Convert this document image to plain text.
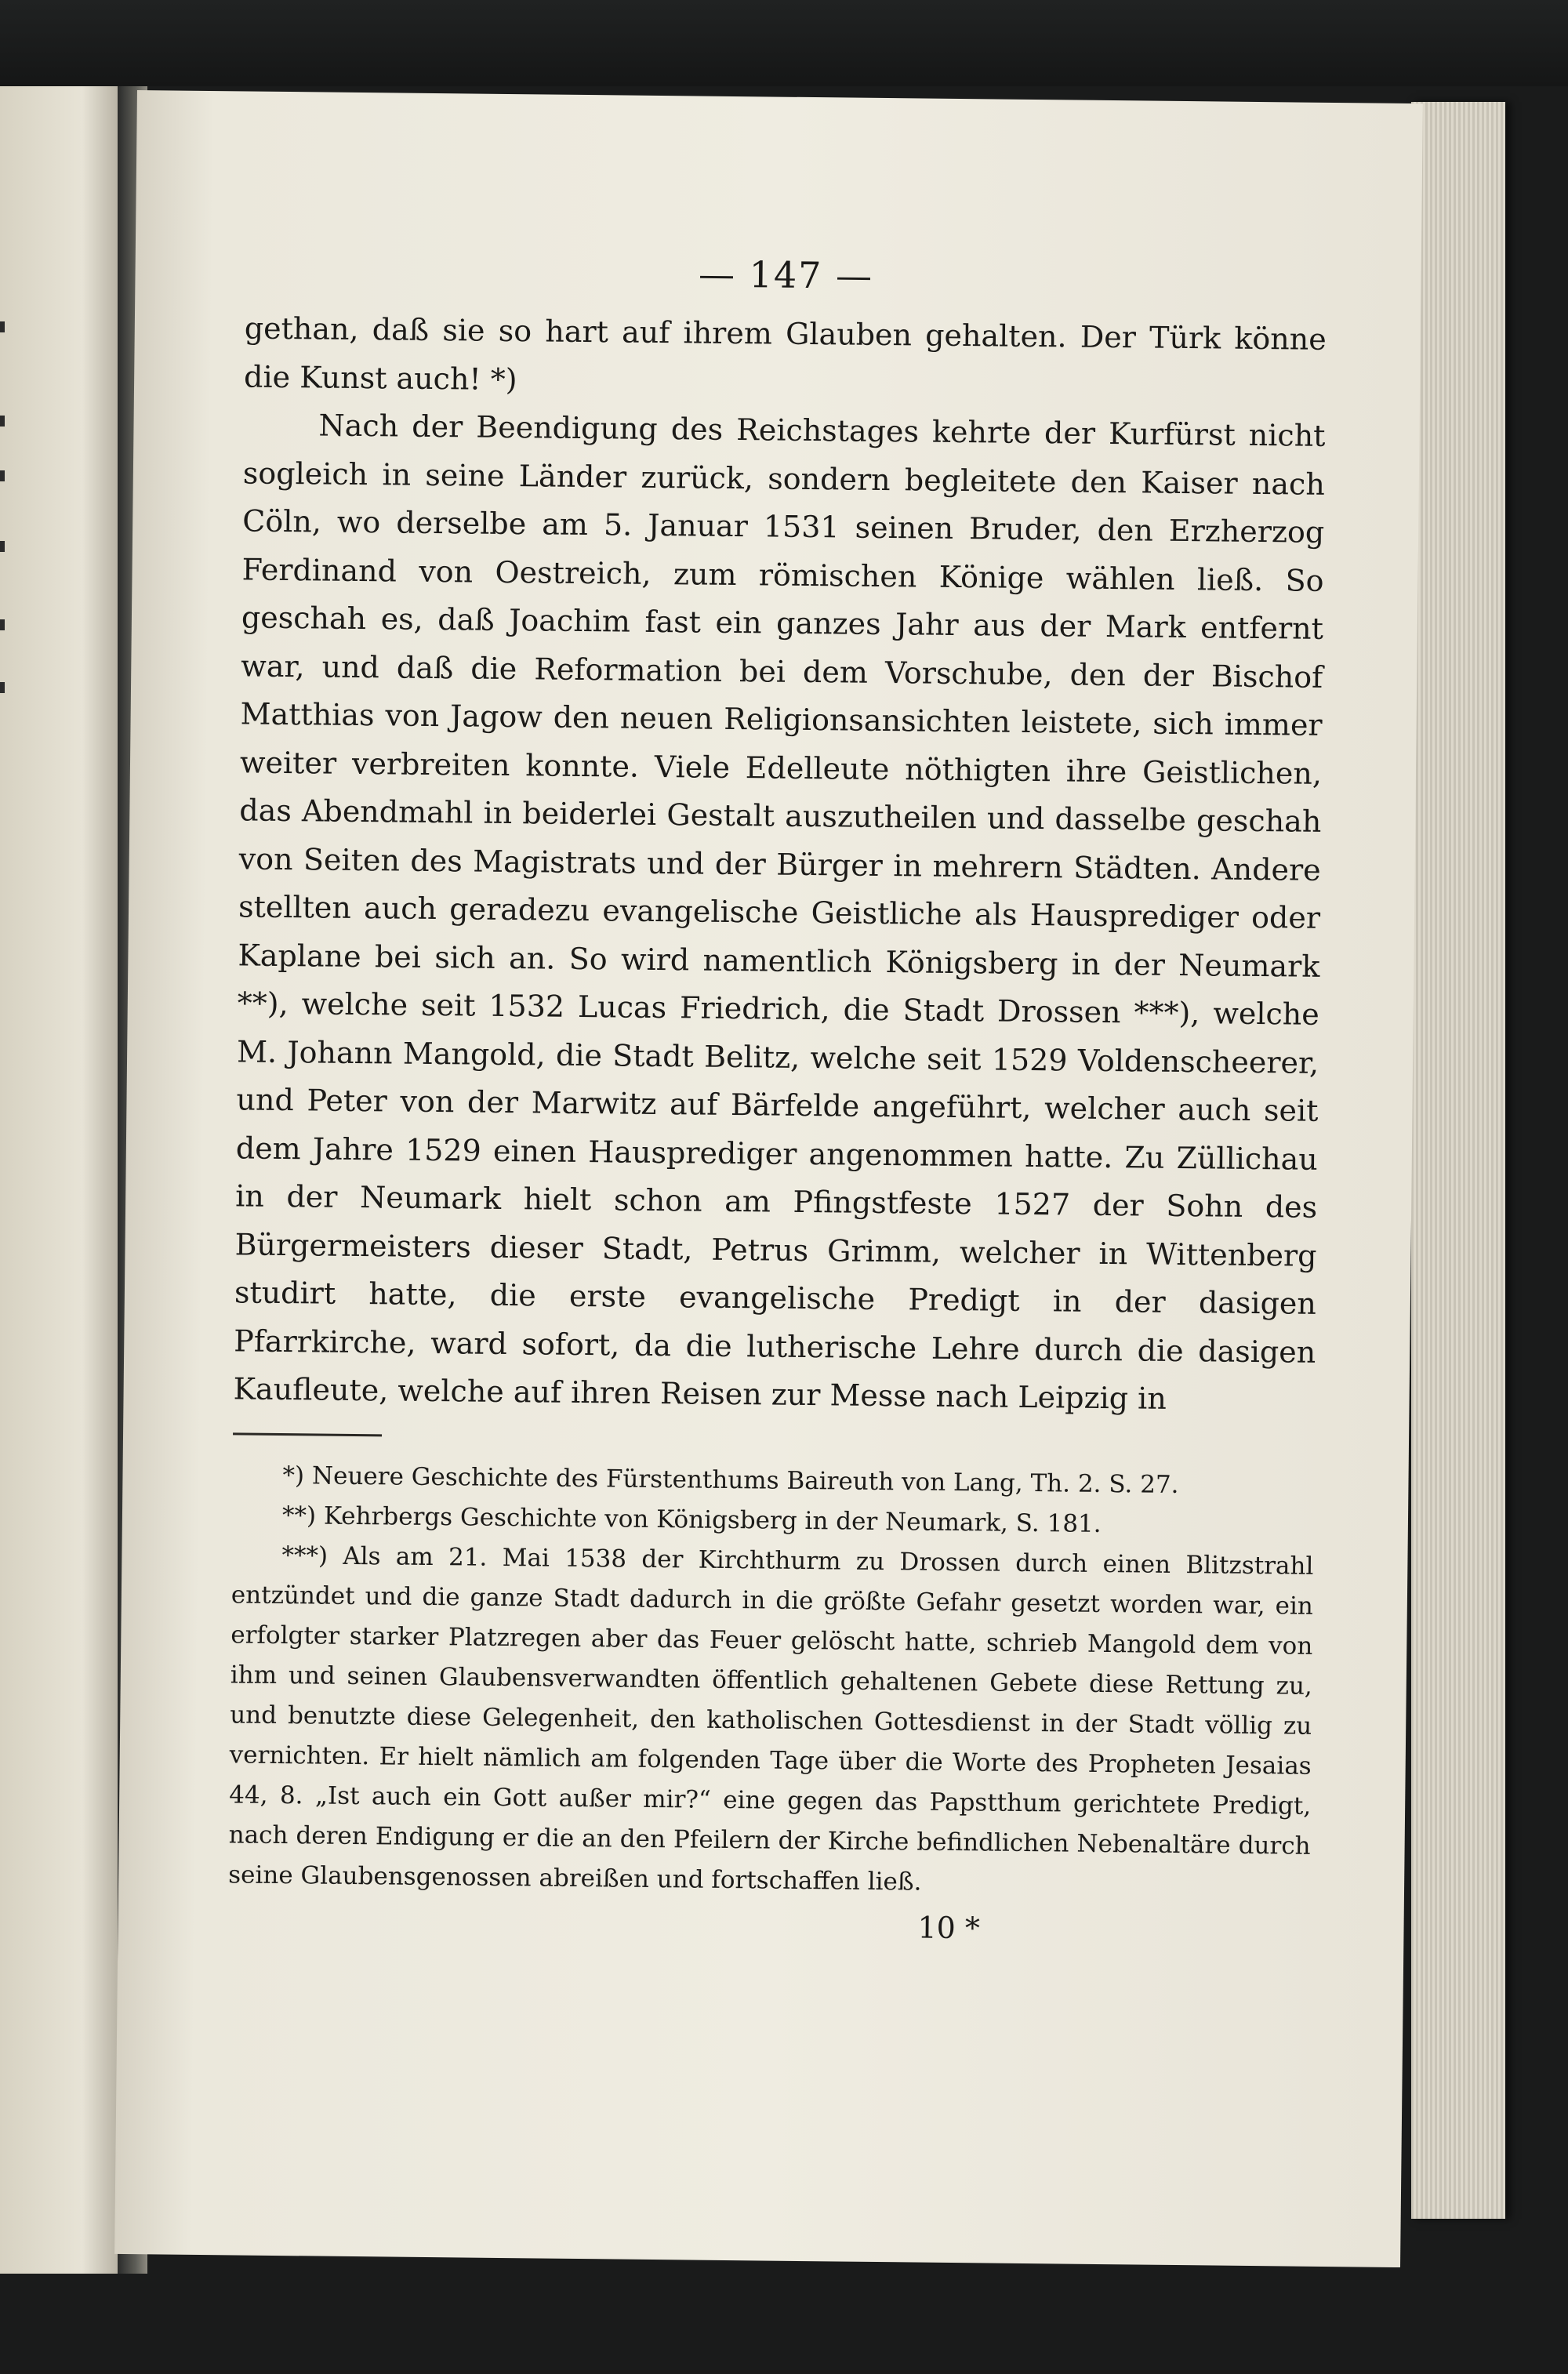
— 147 —

gethan, daß sie so hart auf ihrem Glauben gehalten. Der Türk könne die Kunst auch! *)

Nach der Beendigung des Reichstages kehrte der Kurfürst nicht sogleich in seine Länder zurück, sondern begleitete den Kaiser nach Cöln, wo derselbe am 5. Januar 1531 seinen Bruder, den Erzherzog Ferdinand von Oestreich, zum römischen Könige wählen ließ. So geschah es, daß Joachim fast ein ganzes Jahr aus der Mark entfernt war, und daß die Reformation bei dem Vorschube, den der Bischof Matthias von Jagow den neuen Religionsansichten leistete, sich immer weiter verbreiten konnte. Viele Edelleute nöthigten ihre Geistlichen, das Abendmahl in beiderlei Gestalt auszutheilen und dasselbe geschah von Seiten des Magistrats und der Bürger in mehrern Städten. Andere stellten auch geradezu evangelische Geistliche als Hausprediger oder Kaplane bei sich an. So wird namentlich Königsberg in der Neumark **), welche seit 1532 Lucas Friedrich, die Stadt Drossen ***), welche M. Johann Mangold, die Stadt Belitz, welche seit 1529 Voldenscheerer, und Peter von der Marwitz auf Bärfelde angeführt, welcher auch seit dem Jahre 1529 einen Hausprediger angenommen hatte. Zu Züllichau in der Neumark hielt schon am Pfingstfeste 1527 der Sohn des Bürgermeisters dieser Stadt, Petrus Grimm, welcher in Wittenberg studirt hatte, die erste evangelische Predigt in der dasigen Pfarrkirche, ward sofort, da die lutherische Lehre durch die dasigen Kaufleute, welche auf ihren Reisen zur Messe nach Leipzig in

*) Neuere Geschichte des Fürstenthums Baireuth von Lang, Th. 2. S. 27.

**) Kehrbergs Geschichte von Königsberg in der Neumark, S. 181.

***) Als am 21. Mai 1538 der Kirchthurm zu Drossen durch einen Blitzstrahl entzündet und die ganze Stadt dadurch in die größte Gefahr gesetzt worden war, ein erfolgter starker Platzregen aber das Feuer gelöscht hatte, schrieb Mangold dem von ihm und seinen Glaubensverwandten öffentlich gehaltenen Gebete diese Rettung zu, und benutzte diese Gelegenheit, den katholischen Gottesdienst in der Stadt völlig zu vernichten. Er hielt nämlich am folgenden Tage über die Worte des Propheten Jesaias 44, 8. „Ist auch ein Gott außer mir?“ eine gegen das Papstthum gerichtete Predigt, nach deren Endigung er die an den Pfeilern der Kirche befindlichen Nebenaltäre durch seine Glaubensgenossen abreißen und fortschaffen ließ.

10 *
